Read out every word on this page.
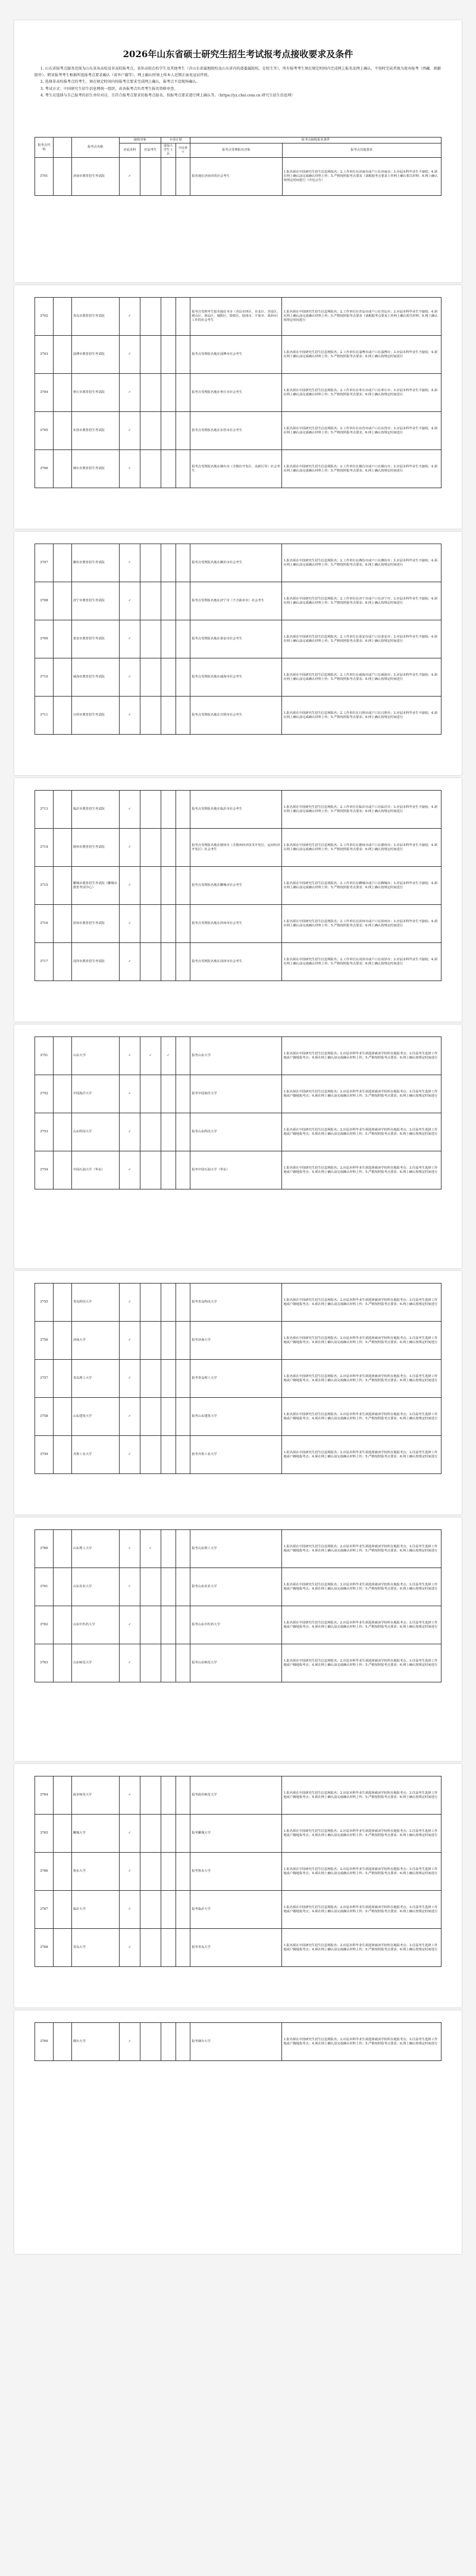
2026年山东省硕士研究生招生考试报考点接收要求及条件

1. 山东省报考点服务范围为山东省各高校及非高校报考点，省外高校在校学生及其他考生（含山东省属地院校及山东省内的部委属院校、在校生等），所有报考考生须在规定时间内完成网上报名及网上确认，不按时完成者视为放弃报考（西藏、新疆除外），跨省报考考生根据所选报考点要求确认（省外户籍等），网上确认时须上传本人近期正面免冠证件照。

2. 选择非高校报考点的考生，须在规定时间内按报考点要求完成网上确认，报考点不设现场确认。

3. 考试方式：中国研究生招生信息网统一组织，由各报考点负责考生报名资格审查。

4. 考生应选择与自己报考的招生单位对应、且符合报考点要求的报考点报名，按报考点要求进行网上确认等。（https://yz.chsi.com.cn 研究生招生信息网）

报考点代码		报考点名称	接收对象		专项计划		报考点接收报名条件	
			应届本科	往届考生	退役大学生士兵	少民骨干	报考点受理报名对象	报考点其他要求
3701		济南市教育招生考试院	✓				报名地在济南市的社会考生	1.报名须在中国研究生招生信息网报名；2.工作单位在济南市或户口在济南市；3.应届本科毕业生不接收；4.须在网上确认前完成确认材料上传；5.严格按照报考点要求（请根据考点要求上传网上确认相关材料；6.网上确认按规定时间进行（详见公告）
3702		青岛市教育招生考试院	✓				报考点受理考生报名地在本市（青岛市四区、市北区、李沧区、崂山区、黄岛区、城阳区、即墨区、胶州市、平度市、莱西市）工作的社会考生	1.报名须在中国研究生招生信息网报名；2.工作单位在青岛市或户口在青岛市；3.应届本科毕业生不接收；4.须在网上确认前完成确认材料上传；5.严格按照报考点要求（请根据考点要求上传网上确认相关材料；6.网上确认按规定时间进行
3703		淄博市教育招生考试院	✓				报考点受理报名地在淄博市社会考生	1.报名须在中国研究生招生信息网报名；2.工作单位在淄博市或户口在淄博市；3.应届本科毕业生不接收；4.须在网上确认前完成确认材料上传；5.严格按照报考点要求；6.网上确认按规定时间进行
3704		枣庄市教育招生考试院	✓				报考点受理报名地在枣庄市社会考生	1.报名须在中国研究生招生信息网报名；2.工作单位在枣庄市或户口在枣庄市；3.应届本科毕业生不接收；4.须在网上确认前完成确认材料上传；5.严格按照报考点要求；6.网上确认按规定时间进行
3705		东营市教育招生考试院	✓				报考点受理报名地在东营市社会考生	1.报名须在中国研究生招生信息网报名；2.工作单位在东营市或户口在东营市；3.应届本科毕业生不接收；4.须在网上确认前完成确认材料上传；5.严格按照报考点要求；6.网上确认按规定时间进行
3706		烟台市教育招生考试院	✓				报考点受理报名地在烟台市（含烟台开发区、高新区等）社会考生	1.报名须在中国研究生招生信息网报名；2.工作单位在烟台市或户口在烟台市；3.应届本科毕业生不接收；4.须在网上确认前完成确认材料上传；5.严格按照报考点要求；6.网上确认按规定时间进行
3707		潍坊市教育招生考试院	✓				报考点受理报名地在潍坊市社会考生	1.报名须在中国研究生招生信息网报名；2.工作单位在潍坊市或户口在潍坊市；3.应届本科毕业生不接收；4.须在网上确认前完成确认材料上传；5.严格按照报考点要求；6.网上确认按规定时间进行
3708		济宁市教育招生考试院	✓				报考点受理报名地在济宁市（不含曲阜市）社会考生	1.报名须在中国研究生招生信息网报名；2.工作单位在济宁市或户口在济宁市；3.应届本科毕业生不接收；4.须在网上确认前完成确认材料上传；5.严格按照报考点要求；6.网上确认按规定时间进行
3709		泰安市教育招生考试院	✓				报考点受理报名地在泰安市社会考生	1.报名须在中国研究生招生信息网报名；2.工作单位在泰安市或户口在泰安市；3.应届本科毕业生不接收；4.须在网上确认前完成确认材料上传；5.严格按照报考点要求；6.网上确认按规定时间进行
3710		威海市教育招生考试院	✓				报考点受理报名地在威海市社会考生	1.报名须在中国研究生招生信息网报名；2.工作单位在威海市或户口在威海市；3.应届本科毕业生不接收；4.须在网上确认前完成确认材料上传；5.严格按照报考点要求；6.网上确认按规定时间进行
3711		日照市教育招生考试院	✓				报考点受理报名地在日照市社会考生	1.报名须在中国研究生招生信息网报名；2.工作单位在日照市或户口在日照市；3.应届本科毕业生不接收；4.须在网上确认前完成确认材料上传；5.严格按照报考点要求；6.网上确认按规定时间进行
3713		临沂市教育招生考试院	✓				报考点受理报名地在临沂市社会考生	1.报名须在中国研究生招生信息网报名；2.工作单位在临沂市或户口在临沂市；3.应届本科毕业生不接收；4.须在网上确认前完成确认材料上传；5.严格按照报考点要求；6.网上确认按规定时间进行
3714		德州市教育招生考试院	✓				报考点受理报名地在德州市（含德州经济技术开发区、运河经济开发区）社会考生	1.报名须在中国研究生招生信息网报名；2.工作单位在德州市或户口在德州市；3.应届本科毕业生不接收；4.须在网上确认前完成确认材料上传；5.严格按照报考点要求；6.网上确认按规定时间进行
3715		聊城市教育招生考试院（聊城市教育考试中心）	✓				报考点受理报名地在聊城市社会考生	1.报名须在中国研究生招生信息网报名；2.工作单位在聊城市或户口在聊城市；3.应届本科毕业生不接收；4.须在网上确认前完成确认材料上传；5.严格按照报考点要求；6.网上确认按规定时间进行
3716		滨州市教育招生考试院	✓				报考点受理报名地在滨州市社会考生	1.报名须在中国研究生招生信息网报名；2.工作单位在滨州市或户口在滨州市；3.应届本科毕业生不接收；4.须在网上确认前完成确认材料上传；5.严格按照报考点要求；6.网上确认按规定时间进行
3717		菏泽市教育招生考试院	✓				报考点受理报名地在菏泽市社会考生	1.报名须在中国研究生招生信息网报名；2.工作单位在菏泽市或户口在菏泽市；3.应届本科毕业生不接收；4.须在网上确认前完成确认材料上传；5.严格按照报考点要求；6.网上确认按规定时间进行
3751		山东大学	✓	✓	✓		报考山东大学	1.报名须在中国研究生招生信息网报名；2.应届本科毕业生须选择就读学校所在地报考点；3.往届考生选择工作地或户籍地报考点；4.须在网上确认前完成确认材料上传；5.严格按照报考点要求；6.网上确认按规定时间进行
3752		中国海洋大学	✓				报考中国海洋大学	1.报名须在中国研究生招生信息网报名；2.应届本科毕业生须选择就读学校所在地报考点；3.往届考生选择工作地或户籍地报考点；4.须在网上确认前完成确认材料上传；5.严格按照报考点要求；6.网上确认按规定时间进行
3753		山东科技大学	✓				报考山东科技大学	1.报名须在中国研究生招生信息网报名；2.应届本科毕业生须选择就读学校所在地报考点；3.往届考生选择工作地或户籍地报考点；4.须在网上确认前完成确认材料上传；5.严格按照报考点要求；6.网上确认按规定时间进行
3754		中国石油大学（华东）	✓				报考中国石油大学（华东）	1.报名须在中国研究生招生信息网报名；2.应届本科毕业生须选择就读学校所在地报考点；3.往届考生选择工作地或户籍地报考点；4.须在网上确认前完成确认材料上传；5.严格按照报考点要求；6.网上确认按规定时间进行
3755		青岛科技大学	✓				报考青岛科技大学	1.报名须在中国研究生招生信息网报名；2.应届本科毕业生须选择就读学校所在地报考点；3.往届考生选择工作地或户籍地报考点；4.须在网上确认前完成确认材料上传；5.严格按照报考点要求；6.网上确认按规定时间进行
3756		济南大学	✓				报考济南大学	1.报名须在中国研究生招生信息网报名；2.应届本科毕业生须选择就读学校所在地报考点；3.往届考生选择工作地或户籍地报考点；4.须在网上确认前完成确认材料上传；5.严格按照报考点要求；6.网上确认按规定时间进行
3757		青岛理工大学	✓				报考青岛理工大学	1.报名须在中国研究生招生信息网报名；2.应届本科毕业生须选择就读学校所在地报考点；3.往届考生选择工作地或户籍地报考点；4.须在网上确认前完成确认材料上传；5.严格按照报考点要求；6.网上确认按规定时间进行
3758		山东建筑大学	✓				报考山东建筑大学	1.报名须在中国研究生招生信息网报名；2.应届本科毕业生须选择就读学校所在地报考点；3.往届考生选择工作地或户籍地报考点；4.须在网上确认前完成确认材料上传；5.严格按照报考点要求；6.网上确认按规定时间进行
3759		齐鲁工业大学	✓				报考齐鲁工业大学	1.报名须在中国研究生招生信息网报名；2.应届本科毕业生须选择就读学校所在地报考点；3.往届考生选择工作地或户籍地报考点；4.须在网上确认前完成确认材料上传；5.严格按照报考点要求；6.网上确认按规定时间进行
3760		山东理工大学	✓	✓			报考山东理工大学	1.报名须在中国研究生招生信息网报名；2.应届本科毕业生须选择就读学校所在地报考点；3.往届考生选择工作地或户籍地报考点；4.须在网上确认前完成确认材料上传；5.严格按照报考点要求；6.网上确认按规定时间进行
3761		山东农业大学	✓				报考山东农业大学	1.报名须在中国研究生招生信息网报名；2.应届本科毕业生须选择就读学校所在地报考点；3.往届考生选择工作地或户籍地报考点；4.须在网上确认前完成确认材料上传；5.严格按照报考点要求；6.网上确认按规定时间进行
3762		山东中医药大学	✓				报考山东中医药大学	1.报名须在中国研究生招生信息网报名；2.应届本科毕业生须选择就读学校所在地报考点；3.往届考生选择工作地或户籍地报考点；4.须在网上确认前完成确认材料上传；5.严格按照报考点要求；6.网上确认按规定时间进行
3763		山东师范大学	✓				报考山东师范大学	1.报名须在中国研究生招生信息网报名；2.应届本科毕业生须选择就读学校所在地报考点；3.往届考生选择工作地或户籍地报考点；4.须在网上确认前完成确认材料上传；5.严格按照报考点要求；6.网上确认按规定时间进行
3764		曲阜师范大学	✓				报考曲阜师范大学	1.报名须在中国研究生招生信息网报名；2.应届本科毕业生须选择就读学校所在地报考点；3.往届考生选择工作地或户籍地报考点；4.须在网上确认前完成确认材料上传；5.严格按照报考点要求；6.网上确认按规定时间进行
3765		聊城大学	✓				报考聊城大学	1.报名须在中国研究生招生信息网报名；2.应届本科毕业生须选择就读学校所在地报考点；3.往届考生选择工作地或户籍地报考点；4.须在网上确认前完成确认材料上传；5.严格按照报考点要求；6.网上确认按规定时间进行
3766		鲁东大学	✓				报考鲁东大学	1.报名须在中国研究生招生信息网报名；2.应届本科毕业生须选择就读学校所在地报考点；3.往届考生选择工作地或户籍地报考点；4.须在网上确认前完成确认材料上传；5.严格按照报考点要求；6.网上确认按规定时间进行
3767		临沂大学	✓				报考临沂大学	1.报名须在中国研究生招生信息网报名；2.应届本科毕业生须选择就读学校所在地报考点；3.往届考生选择工作地或户籍地报考点；4.须在网上确认前完成确认材料上传；5.严格按照报考点要求；6.网上确认按规定时间进行
3768		青岛大学	✓				报考青岛大学	1.报名须在中国研究生招生信息网报名；2.应届本科毕业生须选择就读学校所在地报考点；3.往届考生选择工作地或户籍地报考点；4.须在网上确认前完成确认材料上传；5.严格按照报考点要求；6.网上确认按规定时间进行
3769		烟台大学	✓				报考烟台大学	1.报名须在中国研究生招生信息网报名；2.应届本科毕业生须选择就读学校所在地报考点；3.往届考生选择工作地或户籍地报考点；4.须在网上确认前完成确认材料上传；5.严格按照报考点要求；6.网上确认按规定时间进行
